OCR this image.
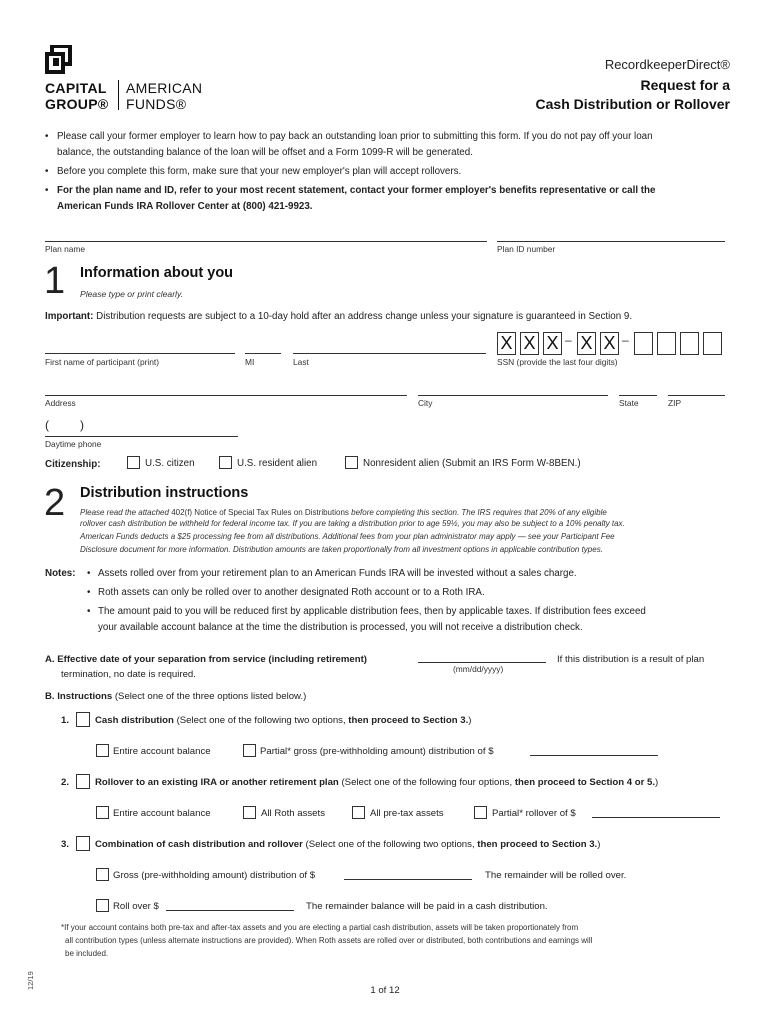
CAPITAL
GROUP®
AMERICAN
FUNDS®
RecordkeeperDirect®
Request for a
Cash Distribution or Rollover
• Please call your former employer to learn how to pay back an outstanding loan prior to submitting this form. If you do not pay off your loan
balance, the outstanding balance of the loan will be offset and a Form 1099-R will be generated.
• Before you complete this form, make sure that your new employer's plan will accept rollovers.
• For the plan name and ID, refer to your most recent statement, contact your former employer's benefits representative or call the
American Funds IRA Rollover Center at (800) 421-9923.
Plan name	Plan ID number
1 Information about you
Please type or print clearly.
Important: Distribution requests are subject to a 10-day hold after an address change unless your signature is guaranteed in Section 9.
First name of participant (print)	MI	Last
X X X – X X –
SSN (provide the last four digits)
Address	City	State	ZIP
(	)
Daytime phone
Citizenship:	U.S. citizen	U.S. resident alien	Nonresident alien (Submit an IRS Form W-8BEN.)
2 Distribution instructions
Please read the attached 402(f) Notice of Special Tax Rules on Distributions before completing this section. The IRS requires that 20% of any eligible
rollover cash distribution be withheld for federal income tax. If you are taking a distribution prior to age 59½, you may also be subject to a 10% penalty tax.
American Funds deducts a $25 processing fee from all distributions. Additional fees from your plan administrator may apply — see your Participant Fee
Disclosure document for more information. Distribution amounts are taken proportionally from all investment options in applicable contribution types.
Notes: • Assets rolled over from your retirement plan to an American Funds IRA will be invested without a sales charge.
• Roth assets can only be rolled over to another designated Roth account or to a Roth IRA.
• The amount paid to you will be reduced first by applicable distribution fees, then by applicable taxes. If distribution fees exceed
your available account balance at the time the distribution is processed, you will not receive a distribution check.
A. Effective date of your separation from service (including retirement)
(mm/dd/yyyy)
If this distribution is a result of plan
termination, no date is required.
B. Instructions (Select one of the three options listed below.)
1.	Cash distribution (Select one of the following two options, then proceed to Section 3.)
Entire account balance	Partial* gross (pre-withholding amount) distribution of $
2.	Rollover to an existing IRA or another retirement plan (Select one of the following four options, then proceed to Section 4 or 5.)
Entire account balance	All Roth assets	All pre-tax assets	Partial* rollover of $
3.	Combination of cash distribution and rollover (Select one of the following two options, then proceed to Section 3.)
Gross (pre-withholding amount) distribution of $	The remainder will be rolled over.
Roll over $	The remainder balance will be paid in a cash distribution.
*If your account contains both pre-tax and after-tax assets and you are electing a partial cash distribution, assets will be taken proportionately from
all contribution types (unless alternate instructions are provided). When Roth assets are rolled over or distributed, both contributions and earnings will
be included.
12/19
1 of 12
